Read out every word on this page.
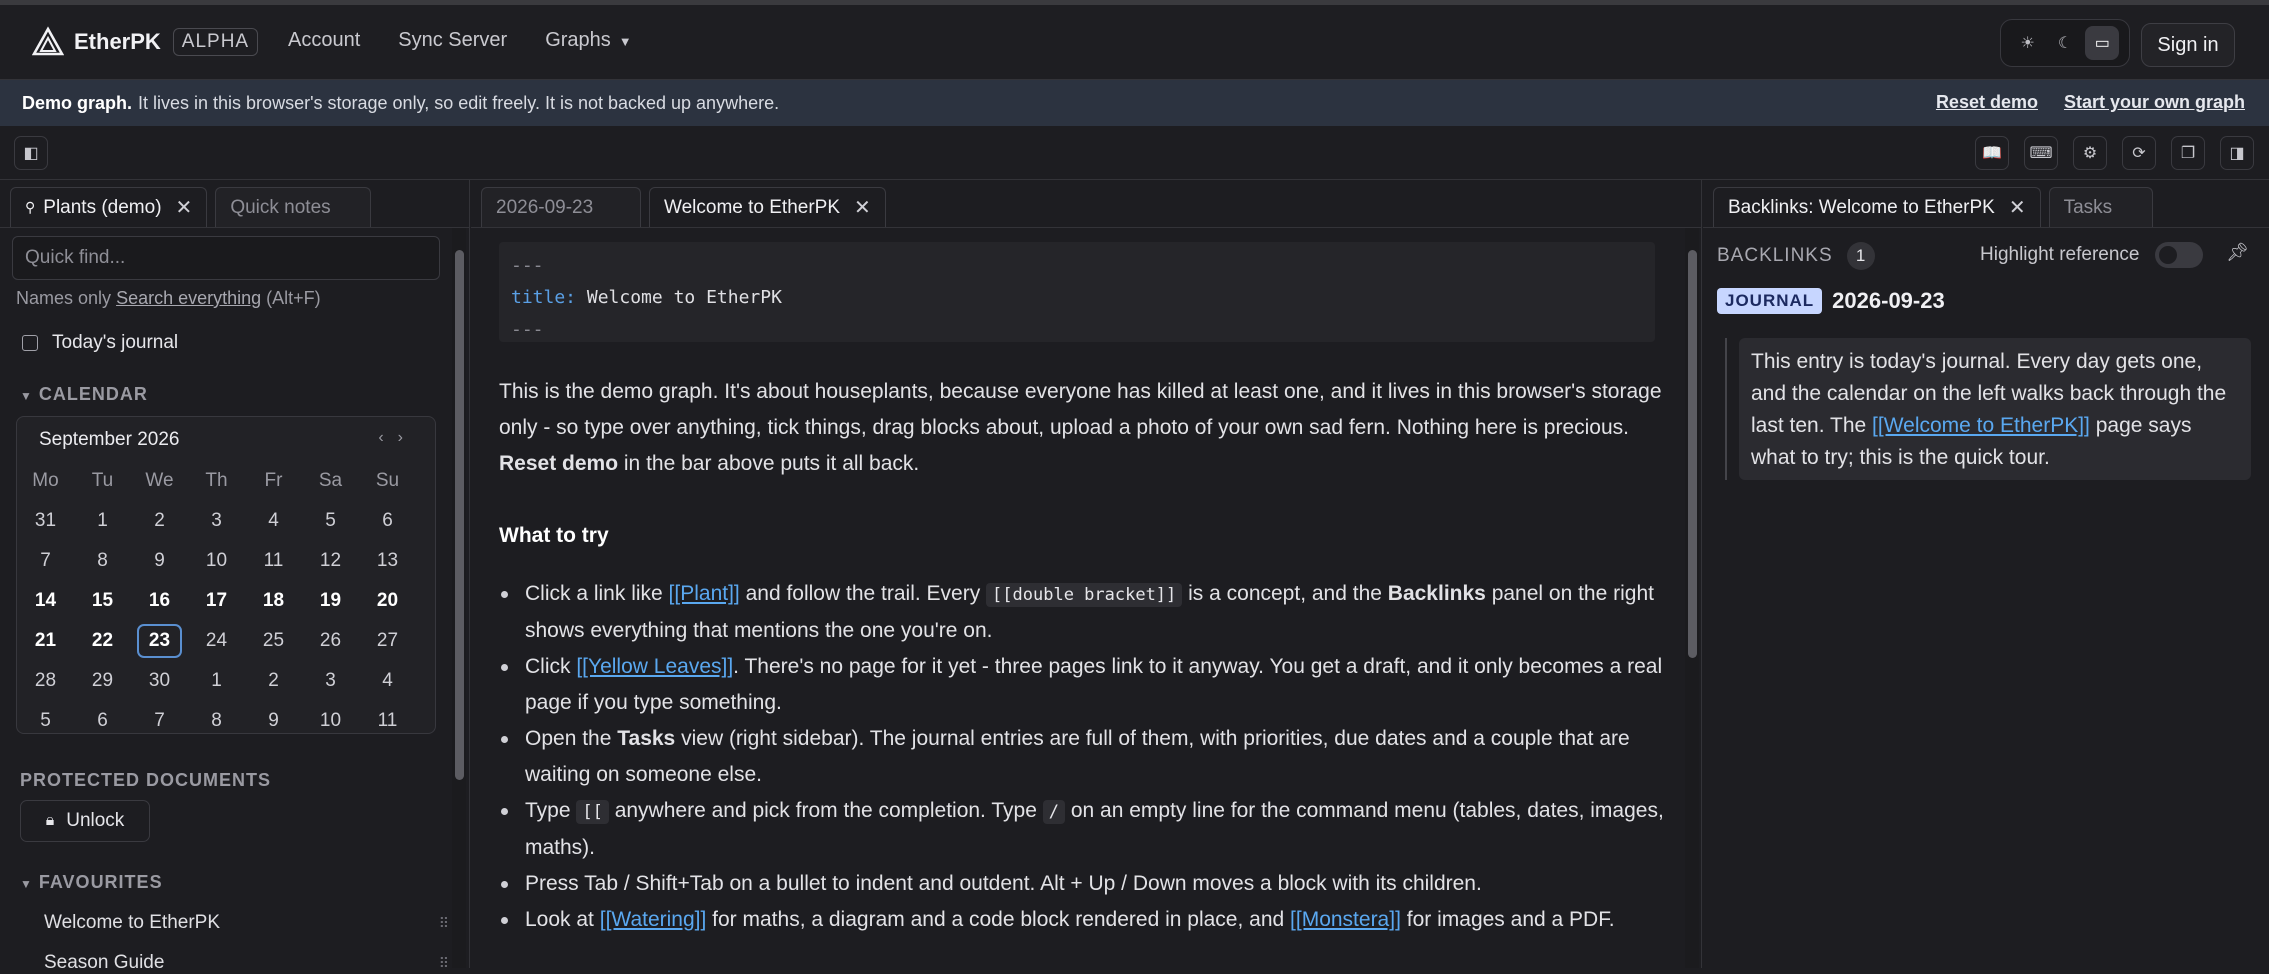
EtherPK	ALPHA	Account Sync Server Graphs ▼	☀	☾	▭	Sign in
Demo graph. It lives in this browser's storage only, so edit freely. It is not backed up anywhere.	Reset demo Start your own graph
◧	📖	⌨	⚙	⟳	❐	◨
⚲ Plants (demo) ✕	Quick notes
Quick find...
Names only Search everything (Alt+F)
Today's journal
▼ CALENDAR
September 2026	‹›
Mo	Tu	We	Th	Fr	Sa	Su
31	1	2	3	4	5	6
7	8	9	10	11	12	13
14	15	16	17	18	19	20
21	22	23	24	25	26	27
28	29	30	1	2	3	4
5	6	7	8	9	10	11
PROTECTED DOCUMENTS
🔒︎ Unlock
▼ FAVOURITES
Welcome to EtherPK	⠿
Season Guide	⠿
2026-09-23	Welcome to EtherPK ✕
---
title: Welcome to EtherPK
---

This is the demo graph. It's about houseplants, because everyone has killed at least one, and it lives in this browser's storage only - so type over anything, tick things, drag blocks about, upload a photo of your own sad fern. Nothing here is precious. Reset demo in the bar above puts it all back.

What to try
Click a link like [[Plant]] and follow the trail. Every [[double bracket]] is a concept, and the Backlinks panel on the right shows everything that mentions the one you're on.
Click [[Yellow Leaves]]. There's no page for it yet - three pages link to it anyway. You get a draft, and it only becomes a real page if you type something.
Open the Tasks view (right sidebar). The journal entries are full of them, with priorities, due dates and a couple that are waiting on someone else.
Type [[ anywhere and pick from the completion. Type / on an empty line for the command menu (tables, dates, images, maths).
Press Tab / Shift+Tab on a bullet to indent and outdent. Alt + Up / Down moves a block with its children.
Look at [[Watering]] for maths, a diagram and a code block rendered in place, and [[Monstera]] for images and a PDF.
Backlinks: Welcome to EtherPK ✕	Tasks
BACKLINKS	1	Highlight reference	📌︎
JOURNAL 2026-09-23
This entry is today's journal. Every day gets one, and the calendar on the left walks back through the last ten. The [[Welcome to EtherPK]] page says what to try; this is the quick tour.
